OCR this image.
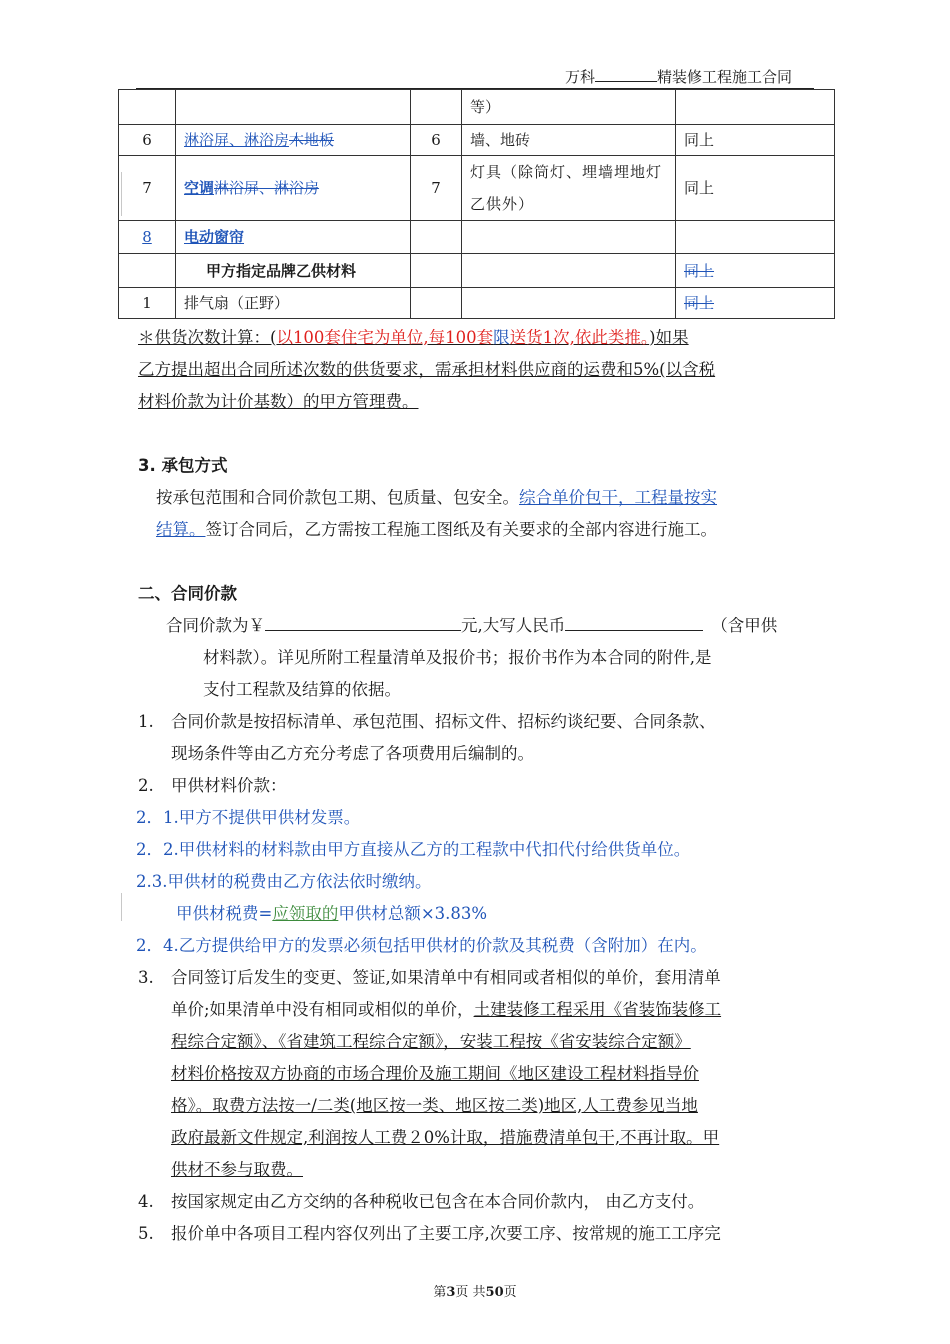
万科	精装修工程施工合同
			等）	
6	淋浴屏、淋浴房木地板	6	墙、地砖	同上
7	空调淋浴屏、淋浴房	7	灯具（除筒灯、埋墙埋地灯乙供外）	同上
8	电动窗帘			
	甲方指定品牌乙供材料			同上
1	排气扇（正野）			同上
＊供货次数计算：(以100套住宅为单位,每100套限送货1次,依此类推。)如果
乙方提出超出合同所述次数的供货要求，需承担材料供应商的运费和5%(以含税
材料价款为计价基数）的甲方管理费。
3. 承包方式
按承包范围和合同价款包工期、包质量、包安全。综合单价包干，工程量按实
结算。签订合同后，乙方需按工程施工图纸及有关要求的全部内容进行施工。
二、合同价款
合同价款为￥	元,大写人民币	（含甲供
材料款）。详见所附工程量清单及报价书；报价书作为本合同的附件,是
支付工程款及结算的依据。
1. 合同价款是按招标清单、承包范围、招标文件、招标约谈纪要、合同条款、
现场条件等由乙方充分考虑了各项费用后编制的。
2. 甲供材料价款：
2．1.甲方不提供甲供材发票。
2．2.甲供材料的材料款由甲方直接从乙方的工程款中代扣代付给供货单位。
2.3.甲供材的税费由乙方依法依时缴纳。
甲供材税费=应领取的甲供材总额×3.83%
2．4.乙方提供给甲方的发票必须包括甲供材的价款及其税费（含附加）在内。
3. 合同签订后发生的变更、签证,如果清单中有相同或者相似的单价，套用清单
单价;如果清单中没有相同或相似的单价，土建装修工程采用《省装饰装修工
程综合定额》、《省建筑工程综合定额》，安装工程按《省安装综合定额》
材料价格按双方协商的市场合理价及施工期间《地区建设工程材料指导价
格》。取费方法按一/二类(地区按一类、地区按二类)地区,人工费参见当地
政府最新文件规定,利润按人工费２0%计取，措施费清单包干,不再计取。甲
供材不参与取费。
4. 按国家规定由乙方交纳的各种税收已包含在本合同价款内， 由乙方支付。
5. 报价单中各项目工程内容仅列出了主要工序,次要工序、按常规的施工工序完
第3页 共50页
